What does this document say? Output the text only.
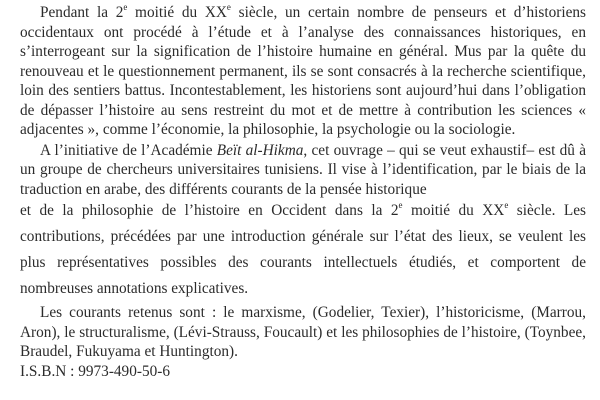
Pendant la 2e moitié du XXe siècle, un certain nombre de penseurs et d’historiens occidentaux ont procédé à l’étude et à l’analyse des connaissances historiques, en s’interrogeant sur la signification de l’histoire humaine en général. Mus par la quête du renouveau et le questionnement permanent, ils se sont consacrés à la recherche scientifique, loin des sentiers battus. Incontestablement, les historiens sont aujourd’hui dans l’obligation de dépasser l’histoire au sens restreint du mot et de mettre à contribution les sciences « adjacentes », comme l’économie, la philosophie, la psychologie ou la sociologie.

A l’initiative de l’Académie Beït al-Hikma, cet ouvrage – qui se veut exhaustif– est dû à un groupe de chercheurs universitaires tunisiens. Il vise à l’identification, par le biais de la traduction en arabe, des différents courants de la pensée historique

et de la philosophie de l’histoire en Occident dans la 2e moitié du XXe siècle. Les contributions, précédées par une introduction générale sur l’état des lieux, se veulent les plus représentatives possibles des courants intellectuels étudiés, et comportent de nombreuses annotations explicatives.

Les courants retenus sont : le marxisme, (Godelier, Texier), l’historicisme, (Marrou, Aron), le structuralisme, (Lévi-Strauss, Foucault) et les philosophies de l’histoire, (Toynbee, Braudel, Fukuyama et Huntington).

I.S.B.N : 9973-490-50-6
